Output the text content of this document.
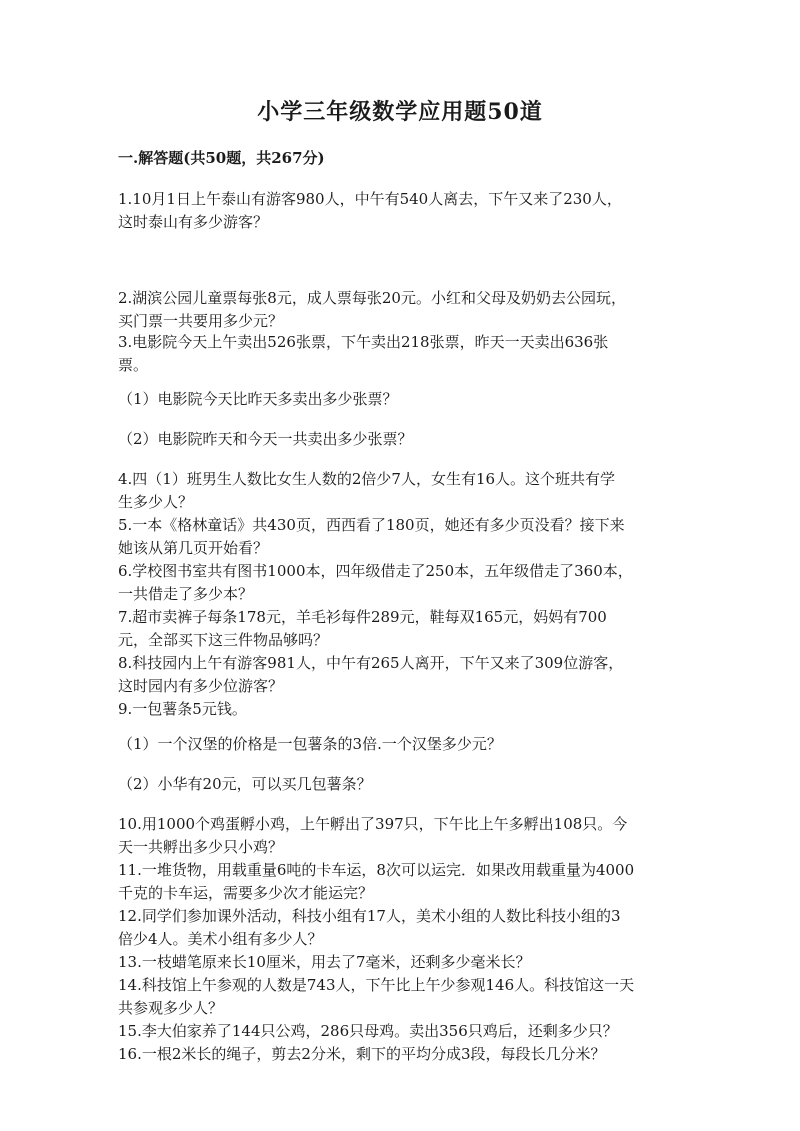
小学三年级数学应用题50道
一.解答题(共50题，共267分)
1.10月1日上午泰山有游客980人，中午有540人离去，下午又来了230人，
这时泰山有多少游客？
2.湖滨公园儿童票每张8元，成人票每张20元。小红和父母及奶奶去公园玩，
买门票一共要用多少元？
3.电影院今天上午卖出526张票，下午卖出218张票，昨天一天卖出636张
票。
（1）电影院今天比昨天多卖出多少张票？
（2）电影院昨天和今天一共卖出多少张票？
4.四（1）班男生人数比女生人数的2倍少7人，女生有16人。这个班共有学
生多少人？
5.一本《格林童话》共430页，西西看了180页，她还有多少页没看？接下来
她该从第几页开始看？
6.学校图书室共有图书1000本，四年级借走了250本，五年级借走了360本，
一共借走了多少本？
7.超市卖裤子每条178元，羊毛衫每件289元，鞋每双165元，妈妈有700
元，全部买下这三件物品够吗？
8.科技园内上午有游客981人，中午有265人离开，下午又来了309位游客，
这时园内有多少位游客？
9.一包薯条5元钱。
（1）一个汉堡的价格是一包薯条的3倍.一个汉堡多少元？
（2）小华有20元，可以买几包薯条？
10.用1000个鸡蛋孵小鸡，上午孵出了397只，下午比上午多孵出108只。今
天一共孵出多少只小鸡？
11.一堆货物，用载重量6吨的卡车运，8次可以运完．如果改用载重量为4000
千克的卡车运，需要多少次才能运完？
12.同学们参加课外活动，科技小组有17人，美术小组的人数比科技小组的3
倍少4人。美术小组有多少人？
13.一枝蜡笔原来长10厘米，用去了7毫米，还剩多少毫米长？
14.科技馆上午参观的人数是743人，下午比上午少参观146人。科技馆这一天
共参观多少人？
15.李大伯家养了144只公鸡，286只母鸡。卖出356只鸡后，还剩多少只？
16.一根2米长的绳子，剪去2分米，剩下的平均分成3段，每段长几分米？
